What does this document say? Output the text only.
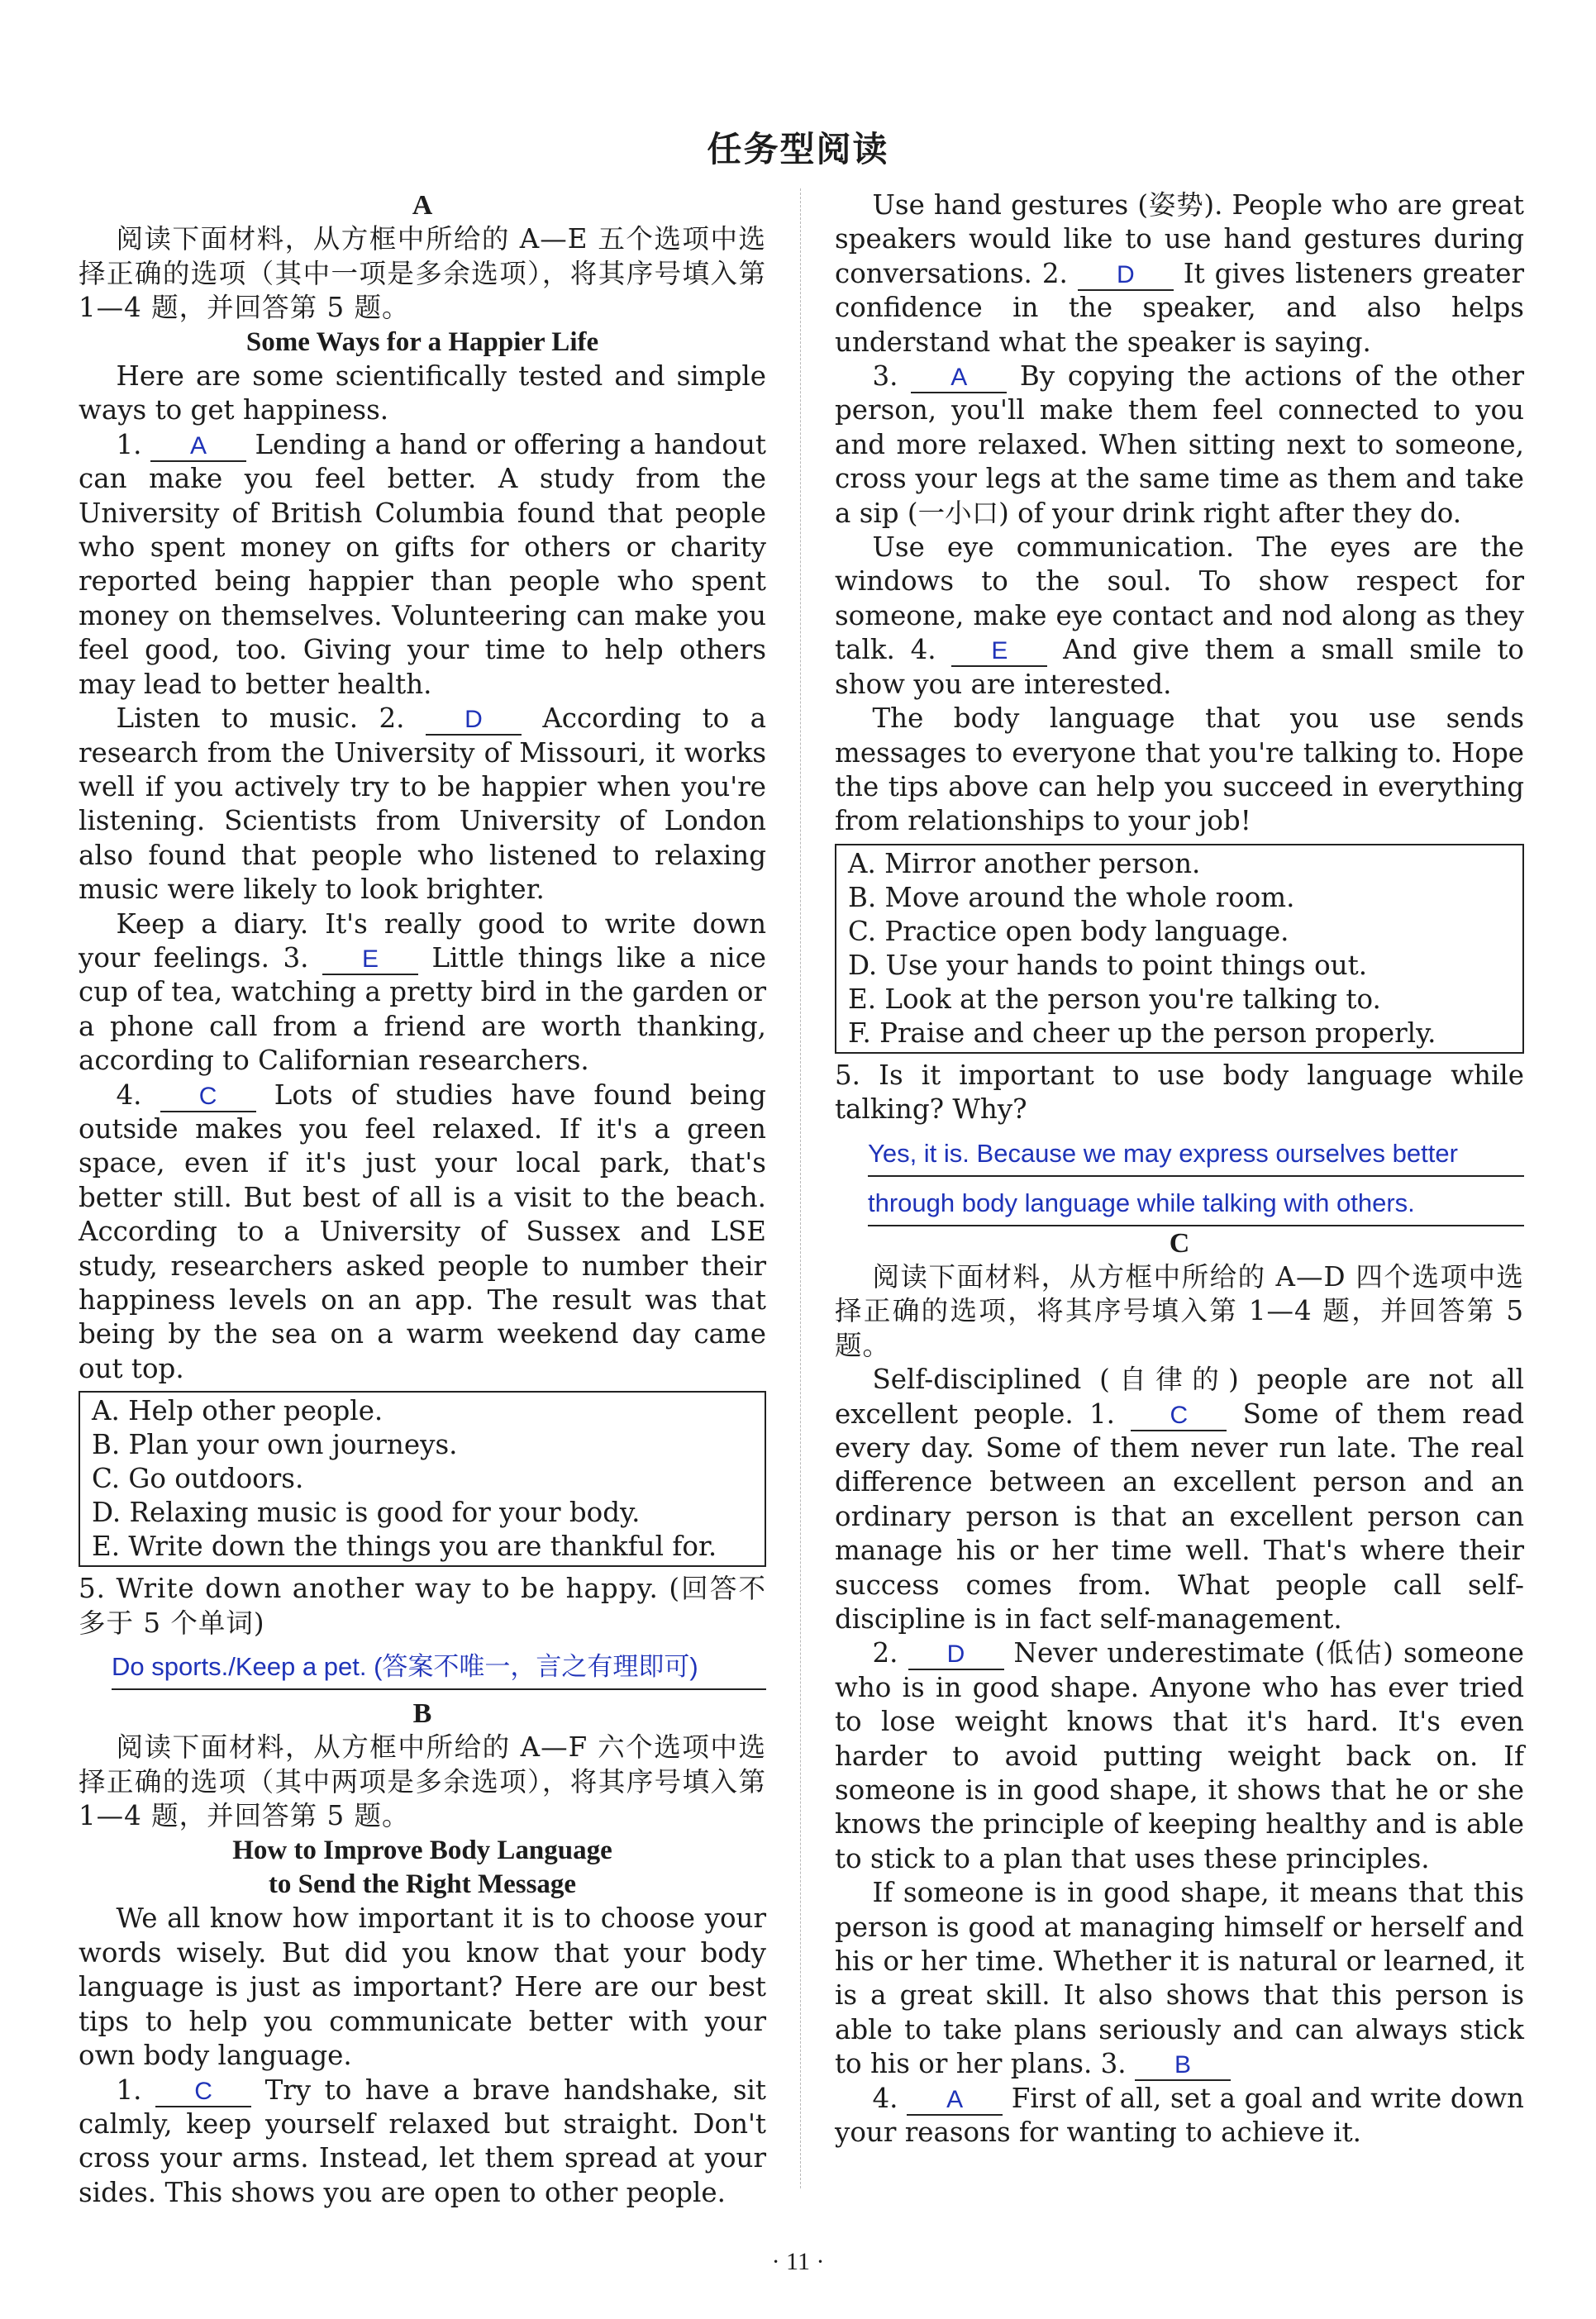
任务型阅读

A

阅读下面材料，从方框中所给的 A—E 五个选项中选择正确的选项（其中一项是多余选项），将其序号填入第 1—4 题，并回答第 5 题。

Some Ways for a Happier Life

Here are some scientifically tested and simple ways to get happiness.

1. A Lending a hand or offering a handout can make you feel better. A study from the University of British Columbia found that people who spent money on gifts for others or charity reported being happier than people who spent money on themselves. Volunteering can make you feel good, too. Giving your time to help others may lead to better health.

Listen to music. 2. D According to a research from the University of Missouri, it works well if you actively try to be happier when you're listening. Scientists from University of London also found that people who listened to relaxing music were likely to look brighter.

Keep a diary. It's really good to write down your feelings. 3. E Little things like a nice cup of tea, watching a pretty bird in the garden or a phone call from a friend are worth thanking, according to Californian researchers.

4. C Lots of studies have found being outside makes you feel relaxed. If it's a green space, even if it's just your local park, that's better still. But best of all is a visit to the beach. According to a University of Sussex and LSE study, researchers asked people to number their happiness levels on an app. The result was that being by the sea on a warm weekend day came out top.

A. Help other people.

B. Plan your own journeys.

C. Go outdoors.

D. Relaxing music is good for your body.

E. Write down the things you are thankful for.

5. Write down another way to be happy. (回答不多于 5 个单词)

Do sports./Keep a pet. (答案不唯一，言之有理即可)

B

阅读下面材料，从方框中所给的 A—F 六个选项中选择正确的选项（其中两项是多余选项），将其序号填入第 1—4 题，并回答第 5 题。

How to Improve Body Language

to Send the Right Message

We all know how important it is to choose your words wisely. But did you know that your body language is just as important? Here are our best tips to help you communicate better with your own body language.

1. C Try to have a brave handshake, sit calmly, keep yourself relaxed but straight. Don't cross your arms. Instead, let them spread at your sides. This shows you are open to other people.

Use hand gestures (姿势). People who are great speakers would like to use hand gestures during conversations. 2. D It gives listeners greater confidence in the speaker, and also helps understand what the speaker is saying.

3. A By copying the actions of the other person, you'll make them feel connected to you and more relaxed. When sitting next to someone, cross your legs at the same time as them and take a sip (一小口) of your drink right after they do.

Use eye communication. The eyes are the windows to the soul. To show respect for someone, make eye contact and nod along as they talk. 4. E And give them a small smile to show you are interested.

The body language that you use sends messages to everyone that you're talking to. Hope the tips above can help you succeed in everything from relationships to your job!

A. Mirror another person.

B. Move around the whole room.

C. Practice open body language.

D. Use your hands to point things out.

E. Look at the person you're talking to.

F. Praise and cheer up the person properly.

5. Is it important to use body language while talking? Why?

Yes, it is. Because we may express ourselves better
through body language while talking with others.

C

阅读下面材料，从方框中所给的 A—D 四个选项中选择正确的选项，将其序号填入第 1—4 题，并回答第 5 题。

Self-disciplined (自律的) people are not all excellent people. 1. C Some of them read every day. Some of them never run late. The real difference between an excellent person and an ordinary person is that an excellent person can manage his or her time well. That's where their success comes from. What people call self-discipline is in fact self-management.

2. D Never underestimate (低估) someone who is in good shape. Anyone who has ever tried to lose weight knows that it's hard. It's even harder to avoid putting weight back on. If someone is in good shape, it shows that he or she knows the principle of keeping healthy and is able to stick to a plan that uses these principles.

If someone is in good shape, it means that this person is good at managing himself or herself and his or her time. Whether it is natural or learned, it is a great skill. It also shows that this person is able to take plans seriously and can always stick to his or her plans. 3. B

4. A First of all, set a goal and write down your reasons for wanting to achieve it.

· 11 ·
